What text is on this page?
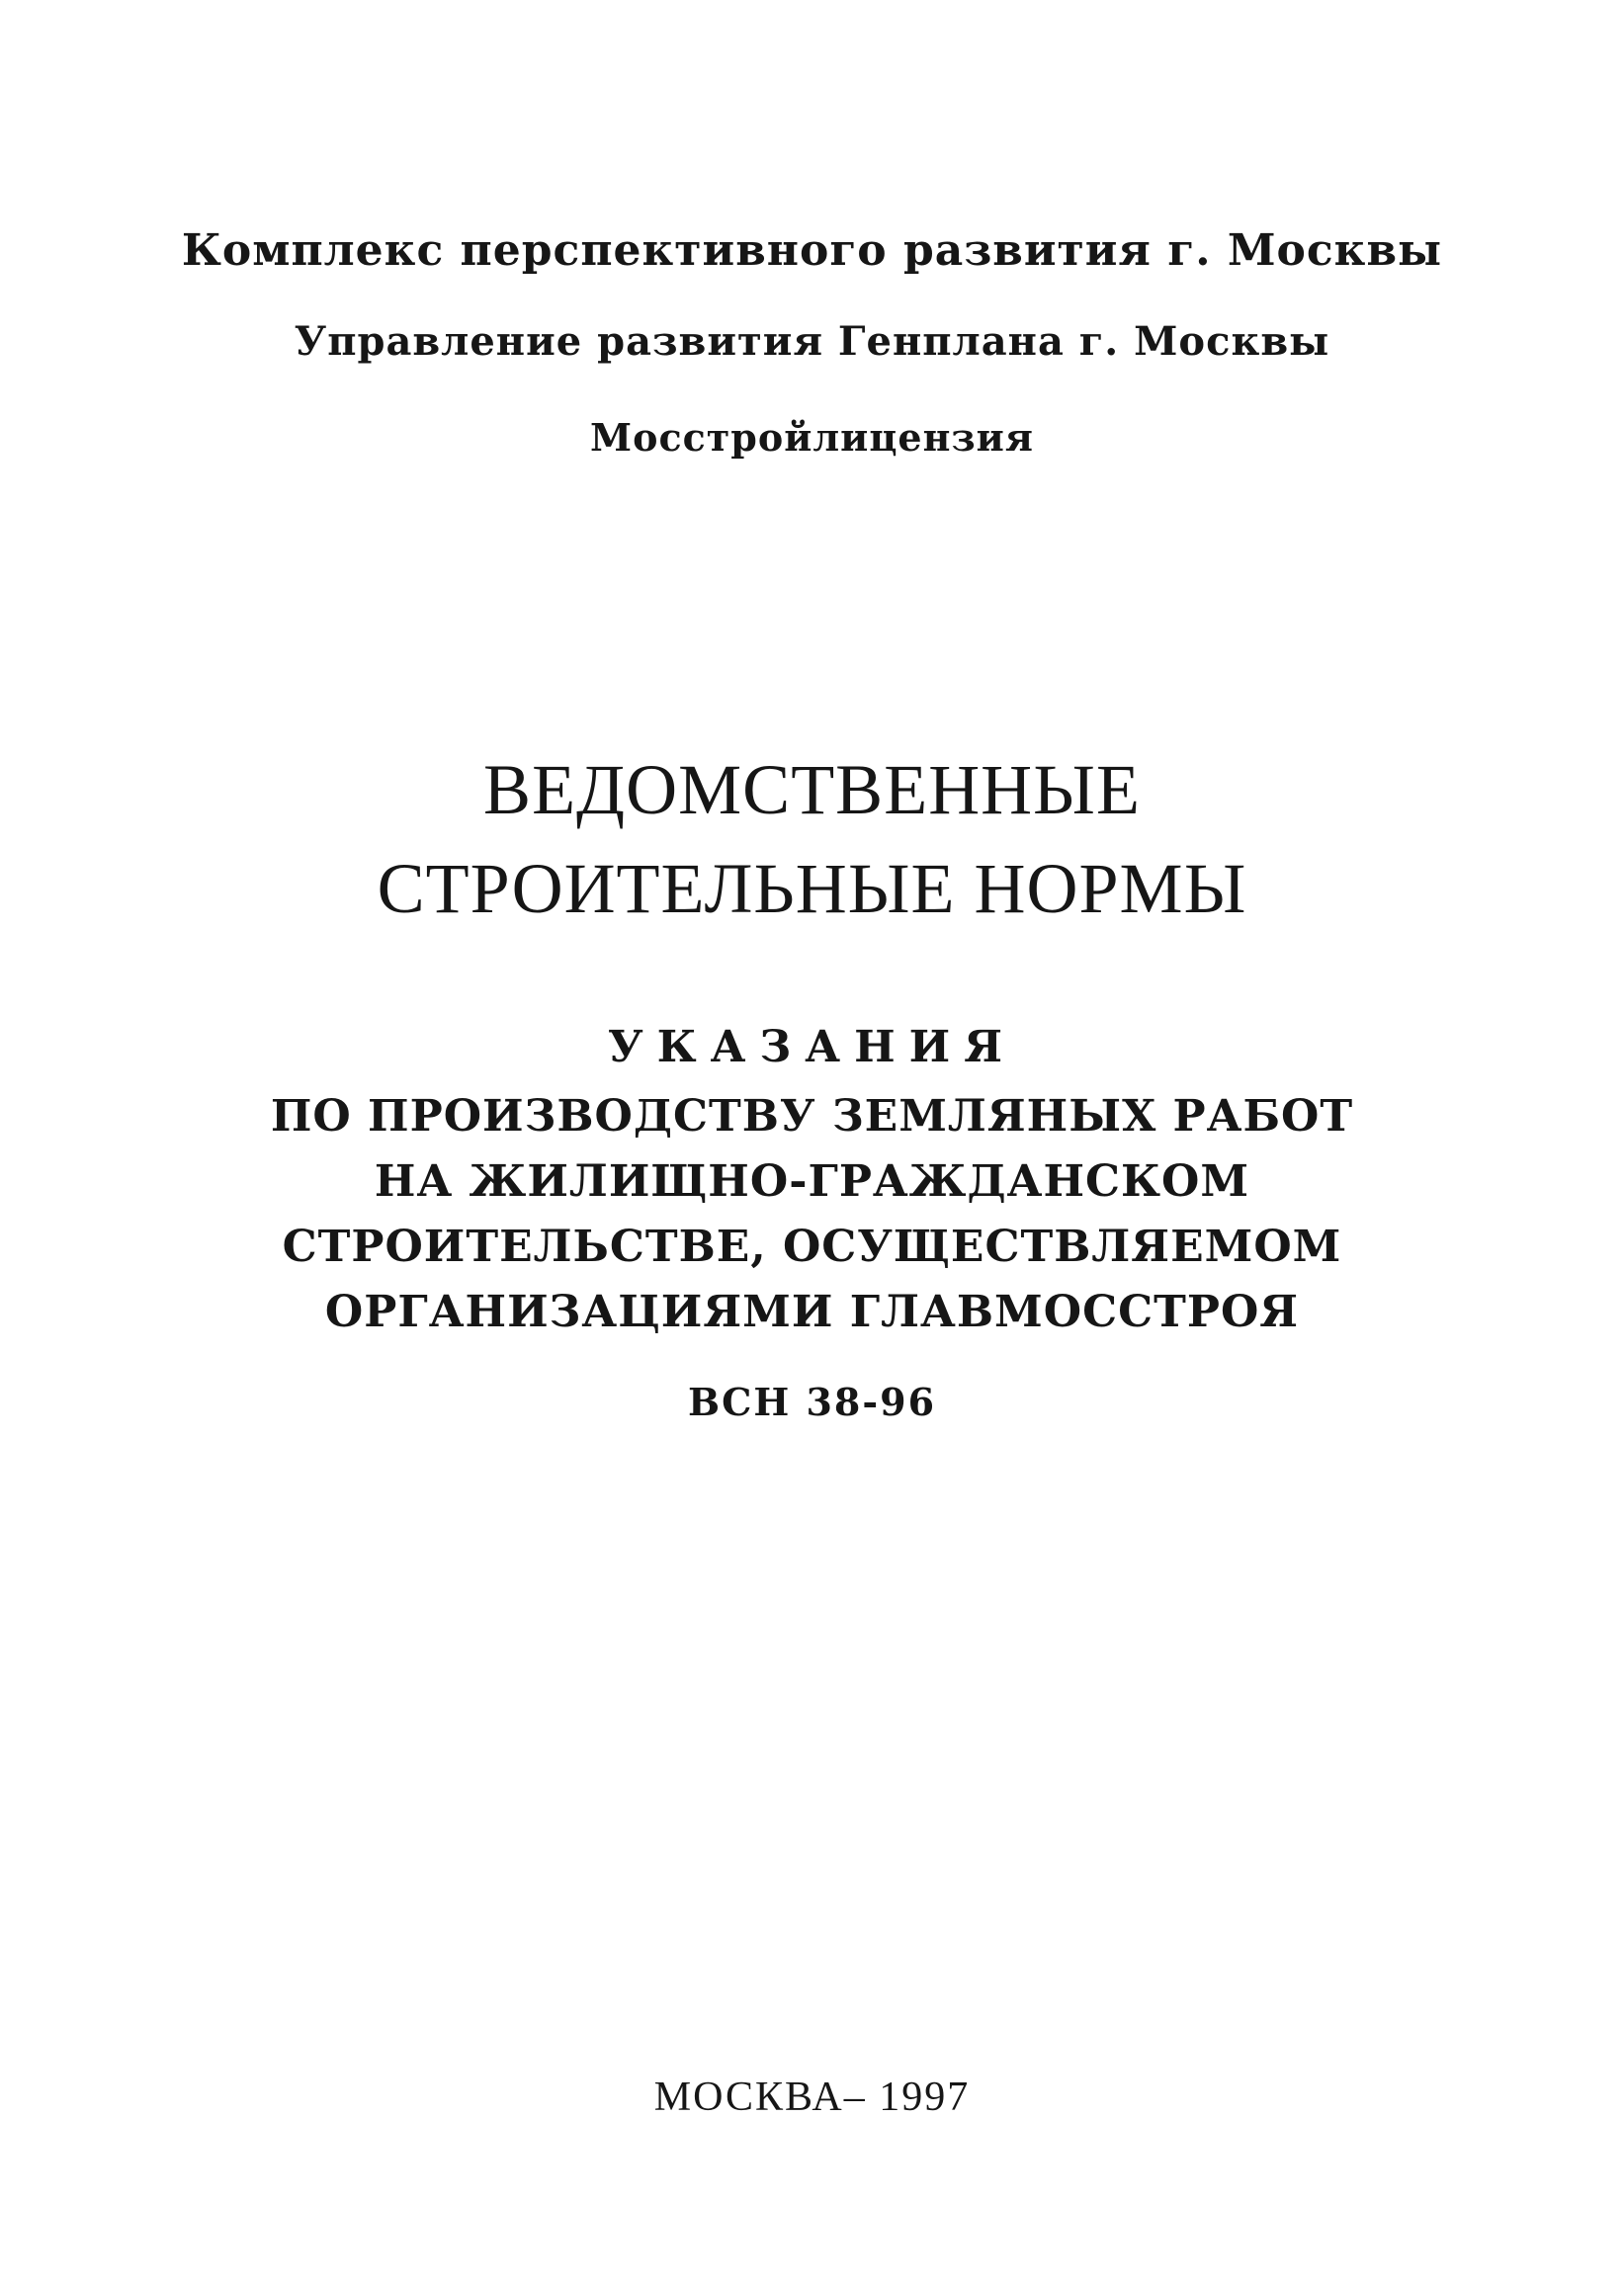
Комплекс перспективного развития г. Москвы

Управление развития Генплана г. Москвы

Мосстройлицензия

ВЕДОМСТВЕННЫЕ
СТРОИТЕЛЬНЫЕ НОРМЫ

УКАЗАНИЯ

ПО ПРОИЗВОДСТВУ ЗЕМЛЯНЫХ РАБОТ

НА ЖИЛИЩНО-ГРАЖДАНСКОМ

СТРОИТЕЛЬСТВЕ, ОСУЩЕСТВЛЯЕМОМ

ОРГАНИЗАЦИЯМИ ГЛАВМОССТРОЯ

ВСН 38-96

МОСКВА– 1997
